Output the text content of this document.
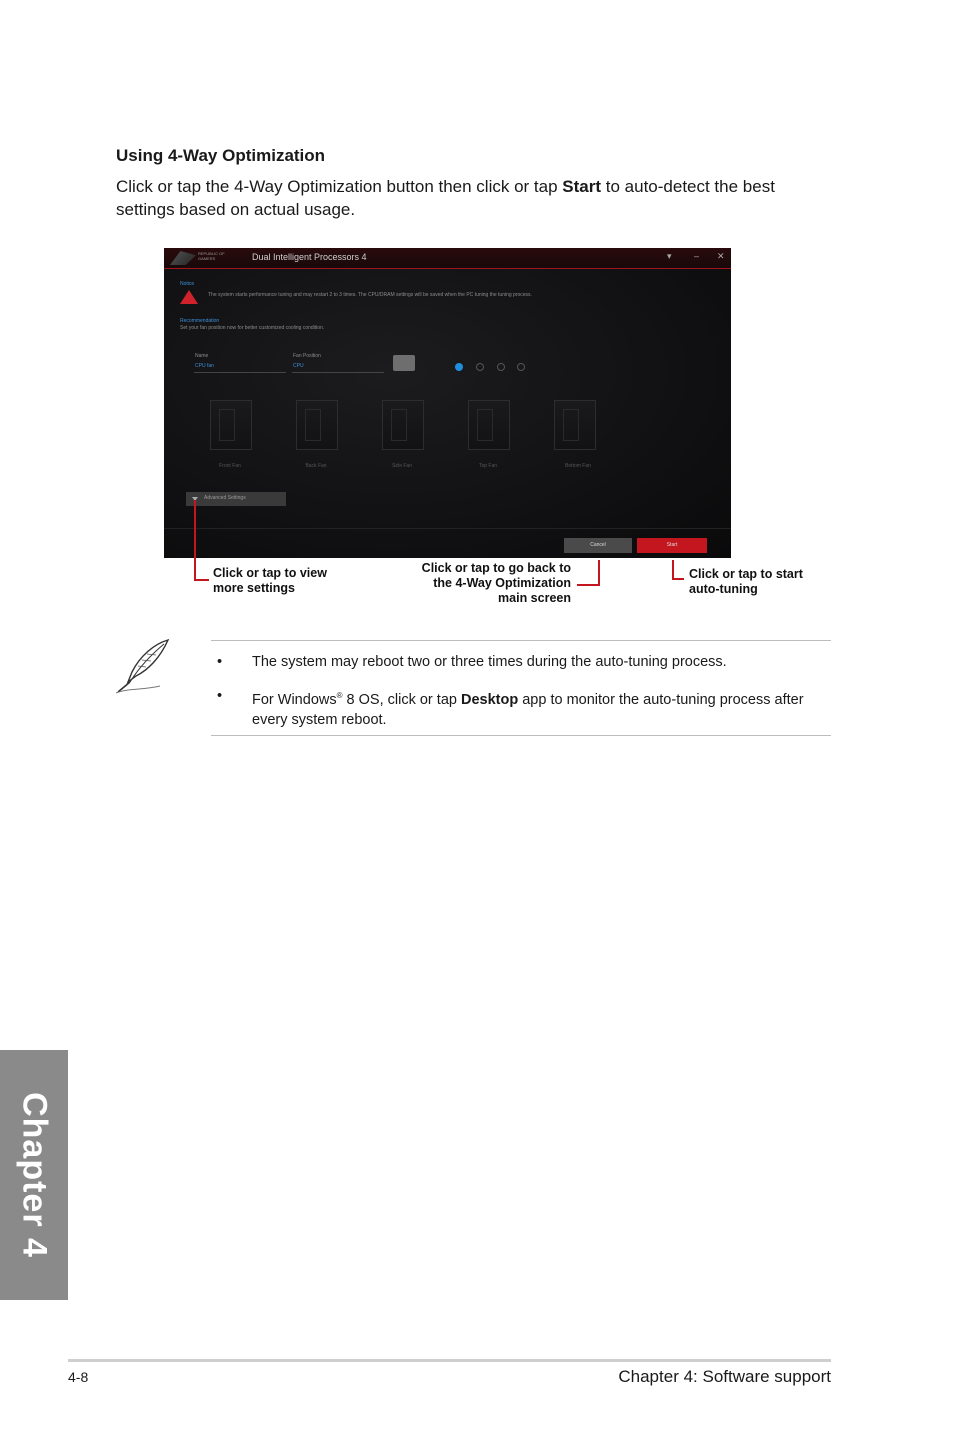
Using 4-Way Optimization
Click or tap the 4-Way Optimization button then click or tap Start to auto-detect the best settings based on actual usage.
REPUBLIC OF GAMERS	Dual Intelligent Processors 4	▾ – ✕
Notice
The system starts performance tuning and may restart 2 to 3 times. The CPU/DRAM settings will be saved when the PC tuning the tuning process.
Recommendation
Set your fan position now for better customized cooling condition.
Name
CPU fan
Fan Position
CPU
Front Fan	Back Fan	Side Fan	Top Fan	Bottom Fan
Advanced Settings
Cancel	Start
Click or tap to view
more settings
Click or tap to go back to
the 4-Way Optimization
main screen
Click or tap to start
auto-tuning
• The system may reboot two or three times during the auto-tuning process.
• For Windows® 8 OS, click or tap Desktop app to monitor the auto-tuning process after every system reboot.
Chapter 4
4-8	Chapter 4: Software support
